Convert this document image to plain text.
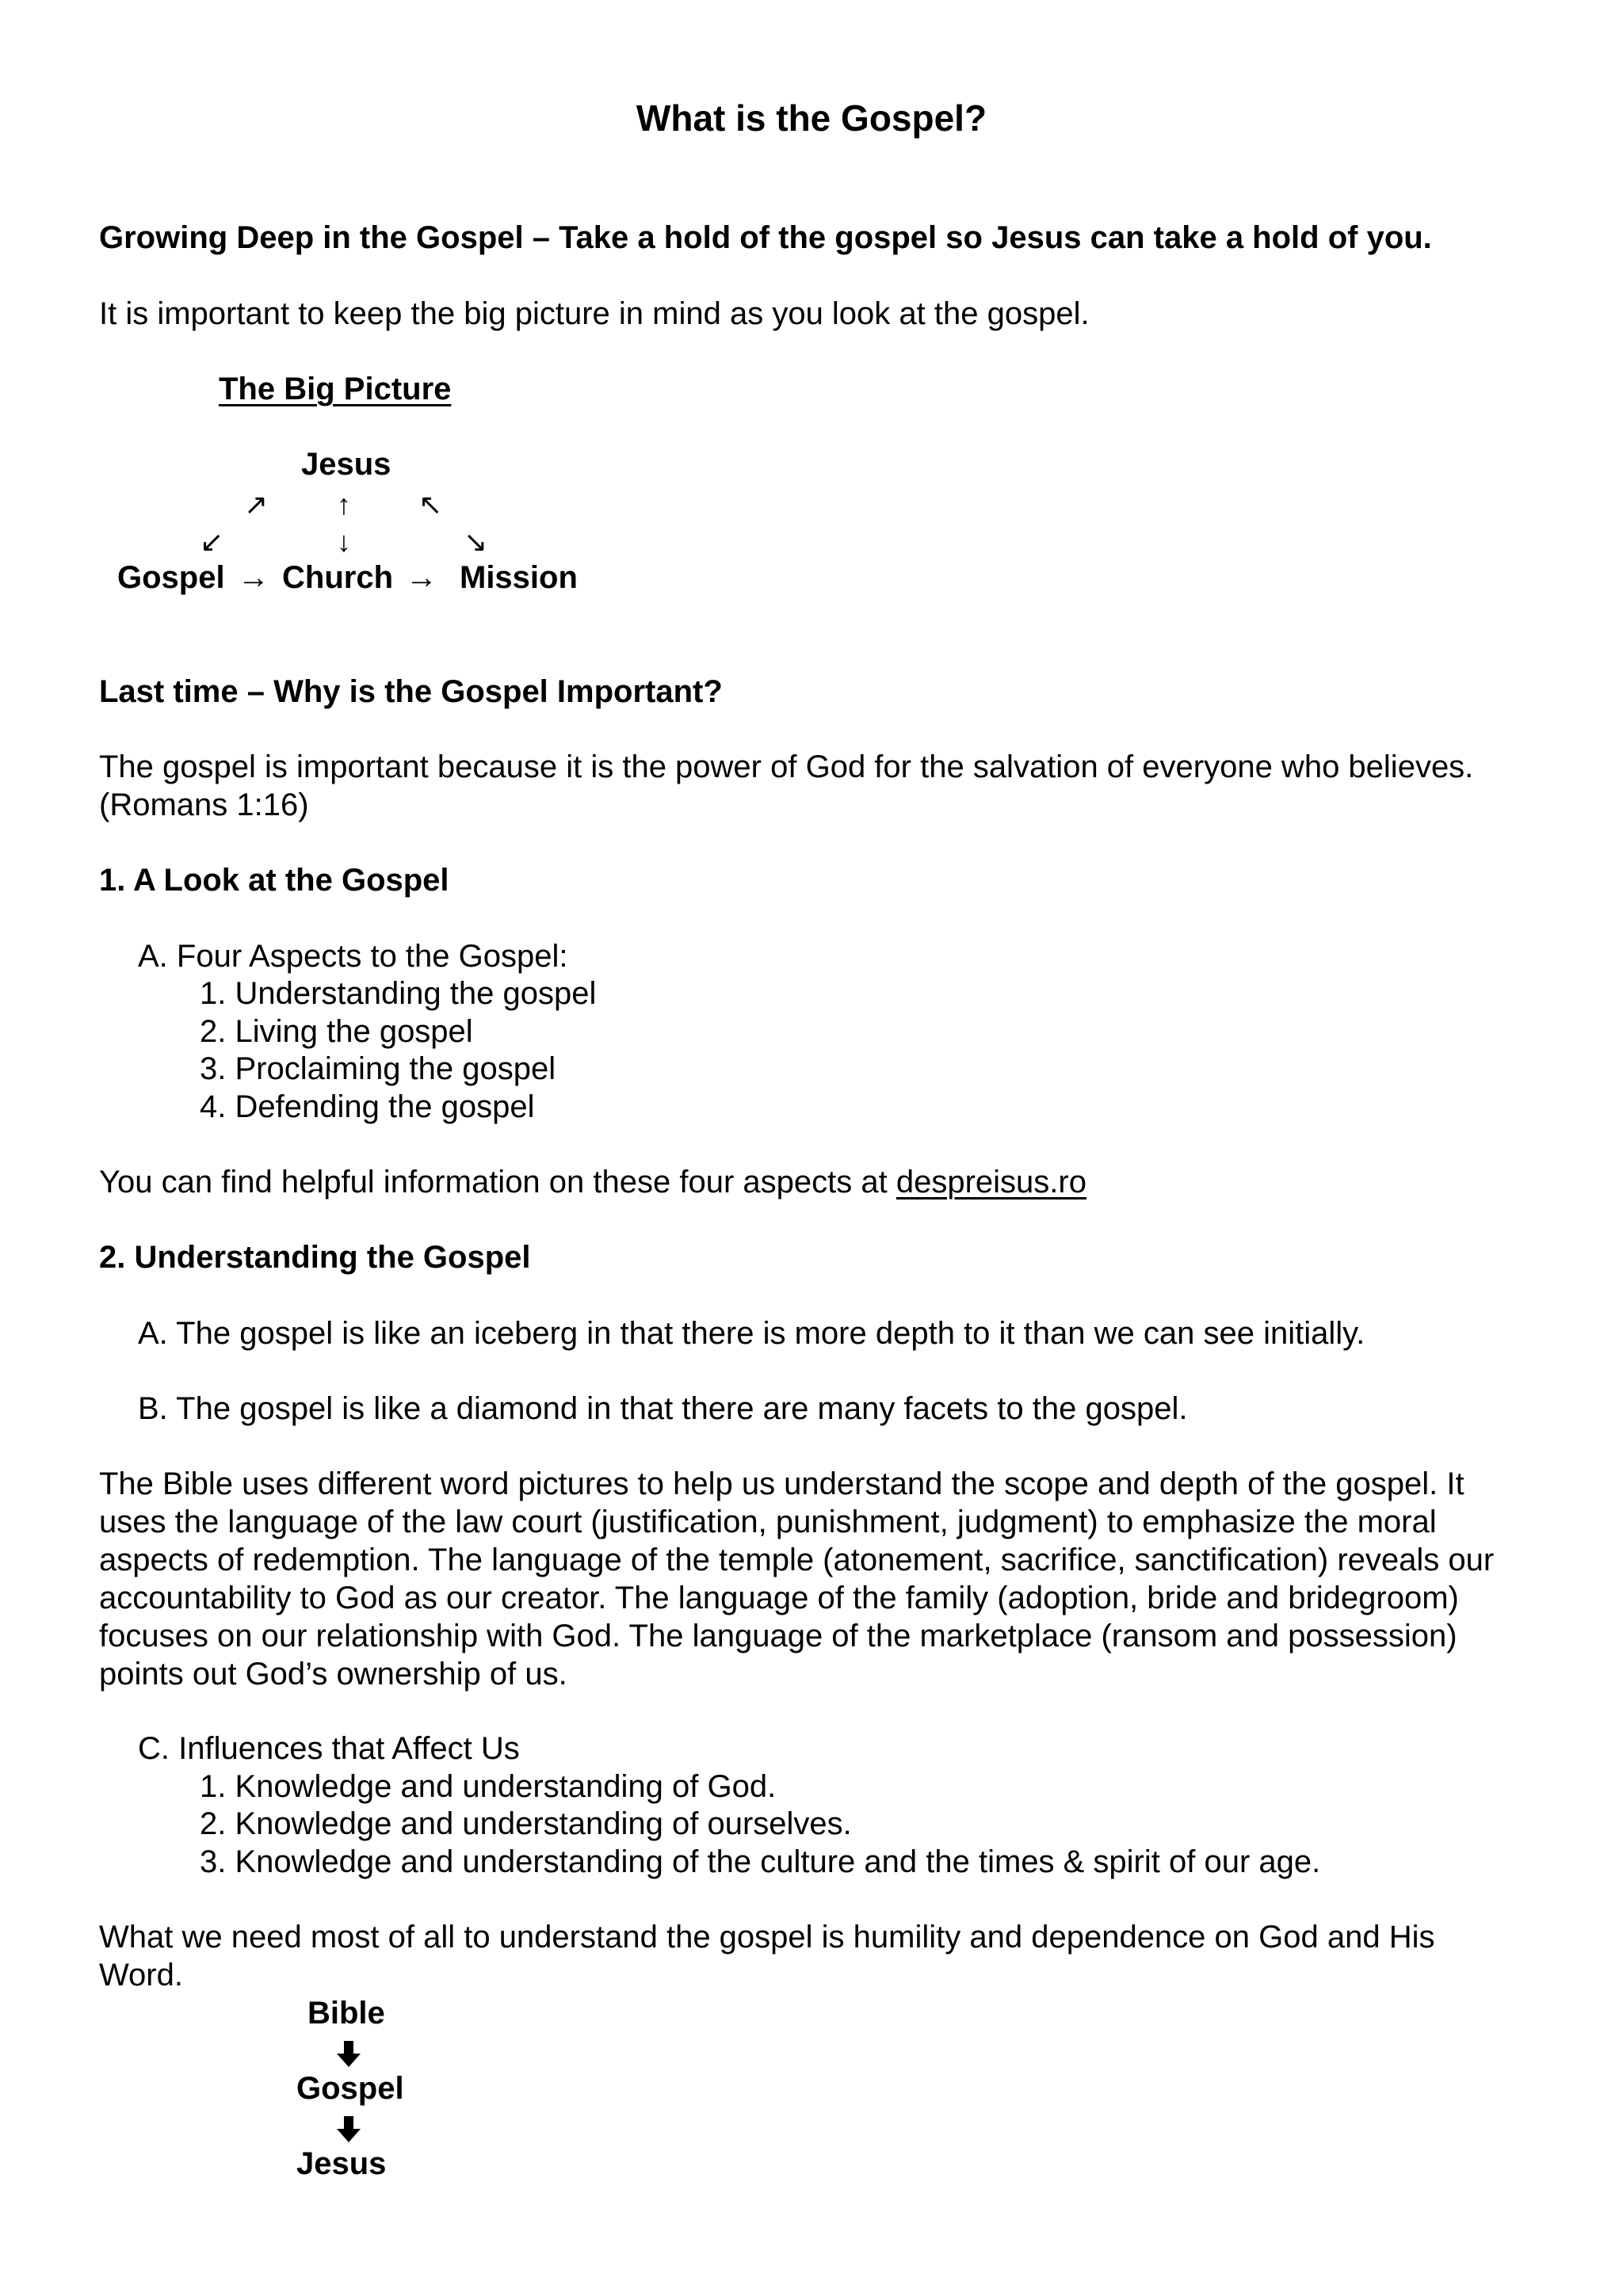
What is the Gospel?
Growing Deep in the Gospel – Take a hold of the gospel so Jesus can take a hold of you.
It is important to keep the big picture in mind as you look at the gospel.
The Big Picture
Jesus
↗ ↑ ↖
↙	↓	↘
Gospel → Church → Mission
Last time – Why is the Gospel Important?
The gospel is important because it is the power of God for the salvation of everyone who believes. (Romans 1:16)
1. A Look at the Gospel
A. Four Aspects to the Gospel:
1. Understanding the gospel
2. Living the gospel
3. Proclaiming the gospel
4. Defending the gospel
You can find helpful information on these four aspects at despreisus.ro
2. Understanding the Gospel
A. The gospel is like an iceberg in that there is more depth to it than we can see initially.
B. The gospel is like a diamond in that there are many facets to the gospel.
The Bible uses different word pictures to help us understand the scope and depth of the gospel. It uses the language of the law court (justification, punishment, judgment) to emphasize the moral aspects of redemption. The language of the temple (atonement, sacrifice, sanctification) reveals our accountability to God as our creator. The language of the family (adoption, bride and bridegroom) focuses on our relationship with God. The language of the marketplace (ransom and possession) points out God’s ownership of us.
C. Influences that Affect Us
1. Knowledge and understanding of God.
2. Knowledge and understanding of ourselves.
3. Knowledge and understanding of the culture and the times & spirit of our age.
What we need most of all to understand the gospel is humility and dependence on God and His Word.
Bible
Gospel
Jesus
